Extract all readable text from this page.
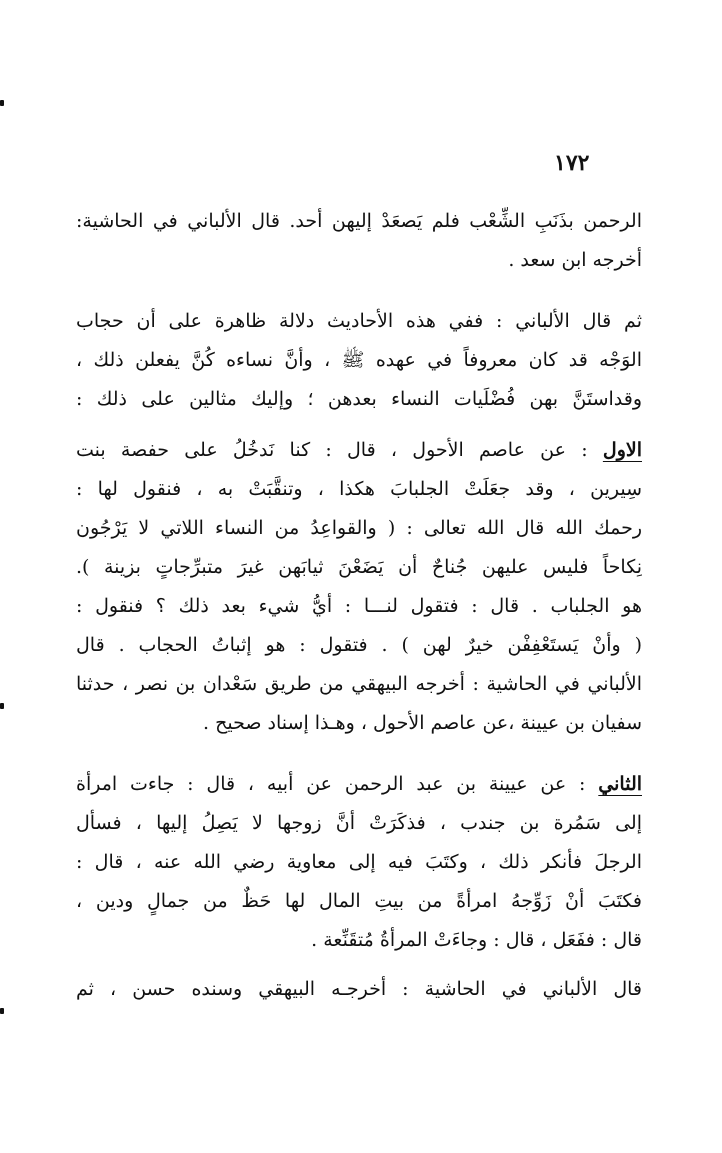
١٧٢
الرحمن بذَنَبِ الشِّعْب فلم يَصعَدْ إليهن أحد. قال الألباني في الحاشية:
أخرجه ابن سعد .
ثم قال الألباني : ففي هذه الأحاديث دلالة ظاهرة على أن حجاب
الوَجْه قد كان معروفاً في عهده ﷺ ، وأنَّ نساءه كُنَّ يفعلن ذلك ،
وقداستَنَّ بهن فُضْلَيات النساء بعدهن ؛ وإليك مثالين على ذلك :
الاول : عن عاصم الأحول ، قال : كنا نَدخُلُ على حفصة بنت
سِيرين ، وقد جعَلَتْ الجلبابَ هكذا ، وتنقَّبَتْ به ، فنقول لها :
رحمك الله قال الله تعالى : ( والقواعِدُ من النساء اللاتي لا يَرْجُون
نِكاحاً فليس عليهن جُناحٌ أن يَضَعْنَ ثيابَهن غيرَ متبرِّجاتٍ بزينة ).
هو الجلباب . قال : فتقول لنـــا : أيُّ شيء بعد ذلك ؟ فنقول :
( وأنْ يَستَعْفِفْن خيرٌ لهن ) . فتقول : هو إثباتُ الحجاب . قال
الألباني في الحاشية : أخرجه البيهقي من طريق سَعْدان بن نصر ، حدثنا
سفيان بن عيينة ،عن عاصم الأحول ، وهـذا إسناد صحيح .
الثاني : عن عيينة بن عبد الرحمن عن أبيه ، قال : جاءت امرأة
إلى سَمُرة بن جندب ، فذكَرَتْ أنَّ زوجها لا يَصِلُ إليها ، فسأل
الرجلَ فأنكر ذلك ، وكتَبَ فيه إلى معاوية رضي الله عنه ، قال :
فكتَبَ أنْ زَوِّجهُ امرأةً من بيتِ المال لها حَظٌ من جمالٍ ودين ،
قال : ففَعَل ، قال : وجاءَتْ المرأةُ مُتقَنِّعة .
قال الألباني في الحاشية : أخرجـه البيهقي وسنده حسن ، ثم
